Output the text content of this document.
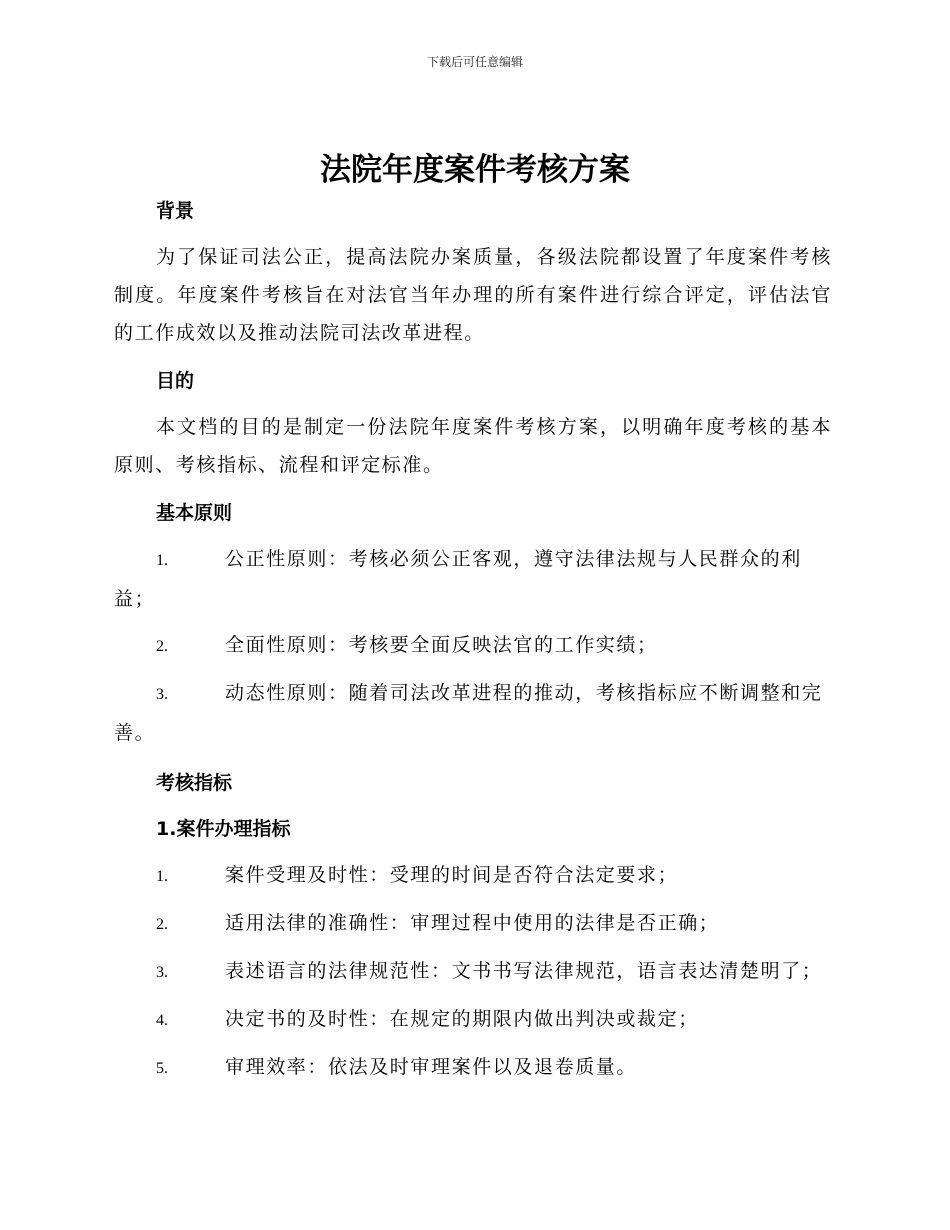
下载后可任意编辑
法院年度案件考核方案

背景

为了保证司法公正，提高法院办案质量，各级法院都设置了年度案件考核制度。年度案件考核旨在对法官当年办理的所有案件进行综合评定，评估法官的工作成效以及推动法院司法改革进程。

目的

本文档的目的是制定一份法院年度案件考核方案，以明确年度考核的基本原则、考核指标、流程和评定标准。

基本原则

1.	公正性原则：考核必须公正客观，遵守法律法规与人民群众的利益；

2.	全面性原则：考核要全面反映法官的工作实绩；

3.	动态性原则：随着司法改革进程的推动，考核指标应不断调整和完善。

考核指标

1.案件办理指标

1.	案件受理及时性：受理的时间是否符合法定要求；

2.	适用法律的准确性：审理过程中使用的法律是否正确；

3.	表述语言的法律规范性：文书书写法律规范，语言表达清楚明了；

4.	决定书的及时性：在规定的期限内做出判决或裁定；

5.	审理效率：依法及时审理案件以及退卷质量。
